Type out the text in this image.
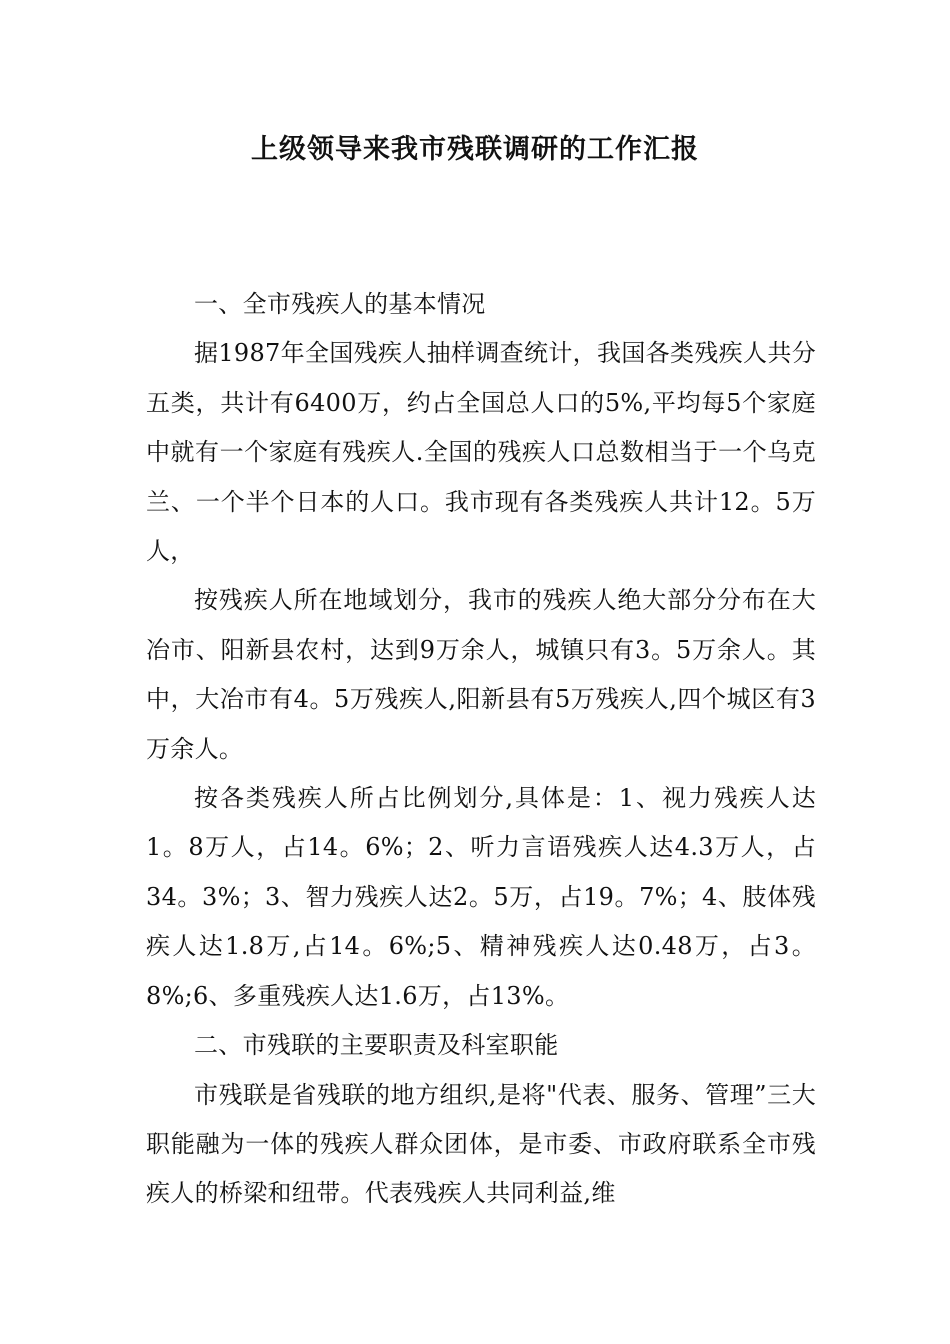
上级领导来我市残联调研的工作汇报

一、全市残疾人的基本情况

据1987年全国残疾人抽样调查统计，我国各类残疾人共分五类，共计有6400万，约占全国总人口的5%,平均每5个家庭中就有一个家庭有残疾人.全国的残疾人口总数相当于一个乌克兰、一个半个日本的人口。我市现有各类残疾人共计12。5万人，

按残疾人所在地域划分，我市的残疾人绝大部分分布在大冶市、阳新县农村，达到9万余人，城镇只有3。5万余人。其中，大冶市有4。5万残疾人,阳新县有5万残疾人,四个城区有3万余人。

按各类残疾人所占比例划分,具体是：1、视力残疾人达1。8万人，占14。6%；2、听力言语残疾人达4.3万人，占34。3%；3、智力残疾人达2。5万，占19。7%；4、肢体残疾人达1.8万,占14。6%;5、精神残疾人达0.48万，占3。8%;6、多重残疾人达1.6万，占13%。

二、市残联的主要职责及科室职能

市残联是省残联的地方组织,是将"代表、服务、管理”三大职能融为一体的残疾人群众团体，是市委、市政府联系全市残疾人的桥梁和纽带。代表残疾人共同利益,维
